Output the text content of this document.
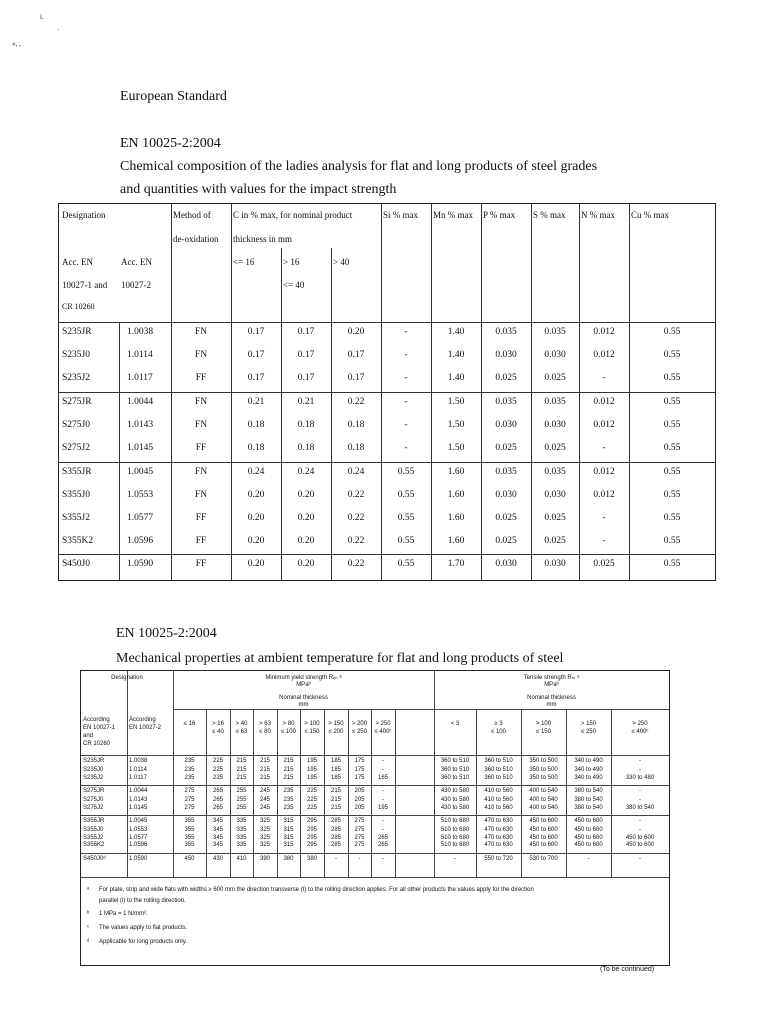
i.
·
«, ,
European Standard
EN 10025-2:2004
Chemical composition of the ladies analysis for flat and long products of steel grades
and quantities with values for the impact strength
Designation	Method of
de-oxidation
C in % max, for nominal product
thickness in mm
Si % max Mn % max P % max S % max N % max Cu % max
Acc. EN
10027-1 and
CR 10260
Acc. EN
10027-2
<= 16	> 16
<= 40
> 40
S235JR	1.0038	FN	0.17	0.17	0.20	-	1.40	0.035	0.035	0.012	0.55
S235J0	1.0114	FN	0.17	0.17	0.17	-	1.40	0.030	0.030	0.012	0.55
S235J2	1.0117	FF	0.17	0.17	0.17	-	1.40	0.025	0.025	-	0.55
S275JR	1.0044	FN	0.21	0.21	0.22	-	1.50	0.035	0.035	0.012	0.55
S275J0	1.0143	FN	0.18	0.18	0.18	-	1.50	0.030	0.030	0.012	0.55
S275J2	1.0145	FF	0.18	0.18	0.18	-	1.50	0.025	0.025	-	0.55
S355JR	1.0045	FN	0.24	0.24	0.24	0.55	1.60	0.035	0.035	0.012	0.55
S355J0	1.0553	FN	0.20	0.20	0.22	0.55	1.60	0.030	0.030	0.012	0.55
S355J2	1.0577	FF	0.20	0.20	0.22	0.55	1.60	0.025	0.025	-	0.55
S355K2	1.0596	FF	0.20	0.20	0.22	0.55	1.60	0.025	0.025	-	0.55
S450J0	1.0590	FF	0.20	0.20	0.22	0.55	1.70	0.030	0.030	0.025	0.55
EN 10025-2:2004
Mechanical properties at ambient temperature for flat and long products of steel
Designation	Minimum yield strength Rₑₕ ᵃ
MPaᵇ
Nominal thickness
mm
Tensile strength Rₘ ᵃ
MPaᵇ
Nominal thickness
mm
According
EN 10027-1
and
CR 10260
According
EN 10027-2
≤ 16	> 16
≤ 40
> 40
≤ 63
> 63
≤ 80
> 80
≤ 100
> 100
≤ 150
> 150
≤ 200
> 200
≤ 250
> 250
≤ 400ᶜ
< 3	≥ 3
≤ 100
> 100
≤ 150
> 150
≤ 250
> 250
≤ 400ᶜ
S235JR	1.0038	235	225	215	215	215	195	185	175	-	360 to 510	360 to 510	350 to 500	340 to 490	-
S235J0	1.0114	235	225	215	215	215	195	185	175	-	360 to 510	360 to 510	350 to 500	340 to 490	-
S235J2	1.0117	235	225	215	215	215	195	185	175	165	360 to 510	360 to 510	350 to 500	340 to 490	330 to 480
S275JR	1.0044	275	265	255	245	235	225	215	205	-	430 to 580	410 to 560	400 to 540	380 to 540	-
S275J0	1.0143	275	265	255	245	235	225	215	205	-	430 to 580	410 to 560	400 to 540	380 to 540	-
S275J2	1.0145	275	265	255	245	235	225	215	205	195	430 to 580	410 to 560	400 to 540	380 to 540	380 to 540
S355JR	1.0045	355	345	335	325	315	295	285	275	-	510 to 680	470 to 630	450 to 600	450 to 600	-
S355J0	1.0553	355	345	335	325	315	295	285	275	-	510 to 680	470 to 630	450 to 600	450 to 600	-
S355J2	1.0577	355	345	335	325	315	295	285	275	265	510 to 680	470 to 630	450 to 600	450 to 600	450 to 600
S355K2	1.0596	355	345	335	325	315	295	285	275	265	510 to 680	470 to 630	450 to 600	450 to 600	450 to 600
S450J0ᵈ	1.0590	450	430	410	390	380	380	-	-	-	-	550 to 720	530 to 700	-	-
ᵃ For plate, strip and wide flats with widths ≥ 600 mm the direction transverse (t) to the rolling direction applies. For all other products the values apply for the direction
parallel (l) to the rolling direction.
ᵇ 1 MPa = 1 N/mm².
ᶜ The values apply to flat products.
ᵈ Applicable for long products only.
(To be continued)
